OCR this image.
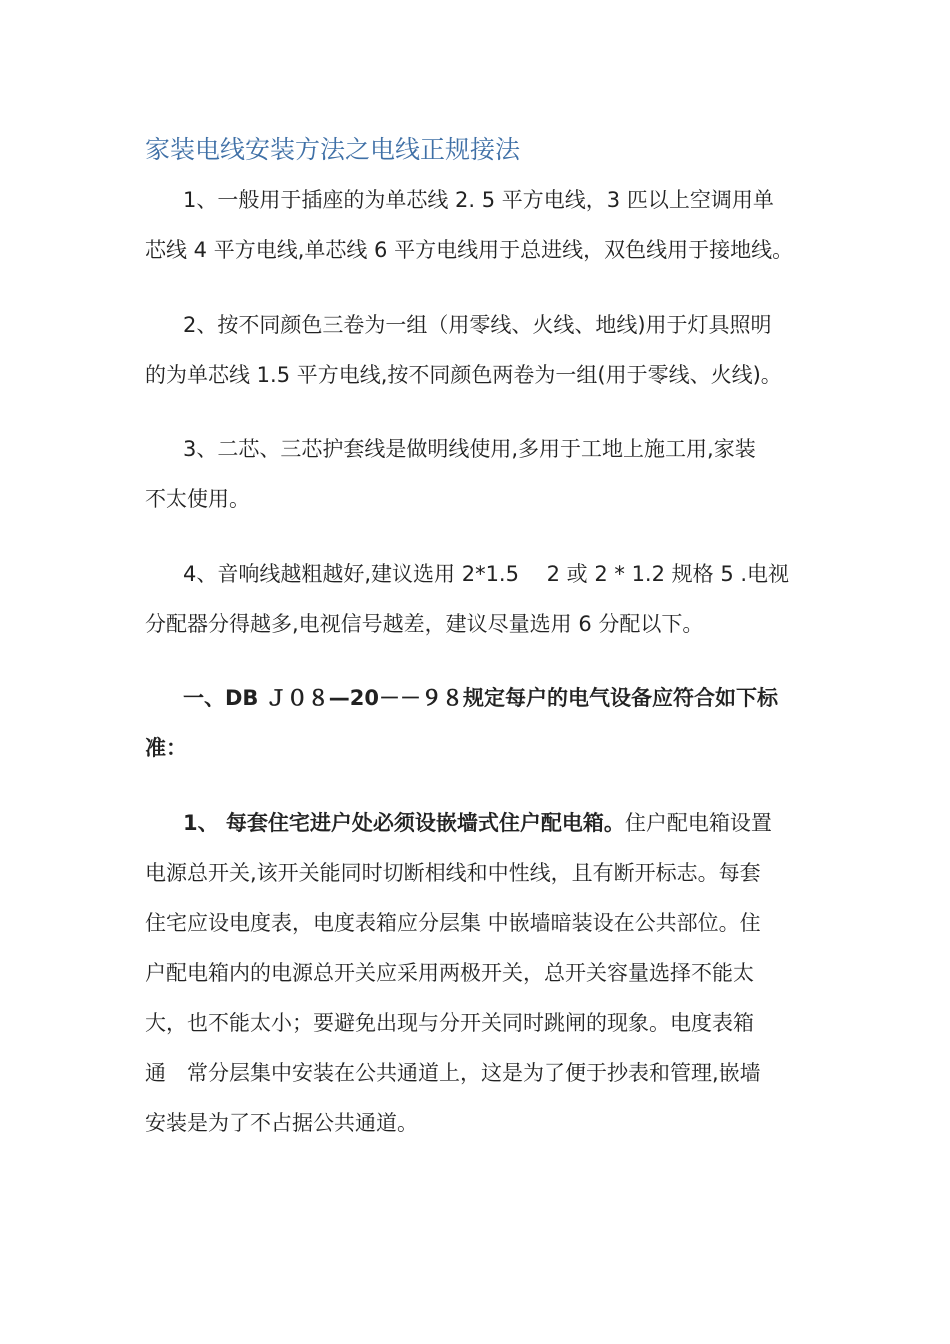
家装电线安装方法之电线正规接法
1、一般用于插座的为单芯线 2. 5 平方电线，3 匹以上空调用单
芯线 4 平方电线,单芯线 6 平方电线用于总进线，双色线用于接地线。
2、按不同颜色三卷为一组（用零线、火线、地线)用于灯具照明
的为单芯线 1.5 平方电线,按不同颜色两卷为一组(用于零线、火线)。
3、二芯、三芯护套线是做明线使用,多用于工地上施工用,家装
不太使用。
4、音响线越粗越好,建议选用 2*1.5　 2 或 2 * 1.2 规格 5 .电视
分配器分得越多,电视信号越差，建议尽量选用 6 分配以下。
一、DB Ｊ０８—20－－９８规定每户的电气设备应符合如下标
准：
1、 每套住宅进户处必须设嵌墙式住户配电箱。住户配电箱设置
电源总开关,该开关能同时切断相线和中性线，且有断开标志。每套
住宅应设电度表，电度表箱应分层集 中嵌墙暗装设在公共部位。住
户配电箱内的电源总开关应采用两极开关，总开关容量选择不能太
大，也不能太小；要避免出现与分开关同时跳闸的现象。电度表箱
通　常分层集中安装在公共通道上，这是为了便于抄表和管理,嵌墙
安装是为了不占据公共通道。
